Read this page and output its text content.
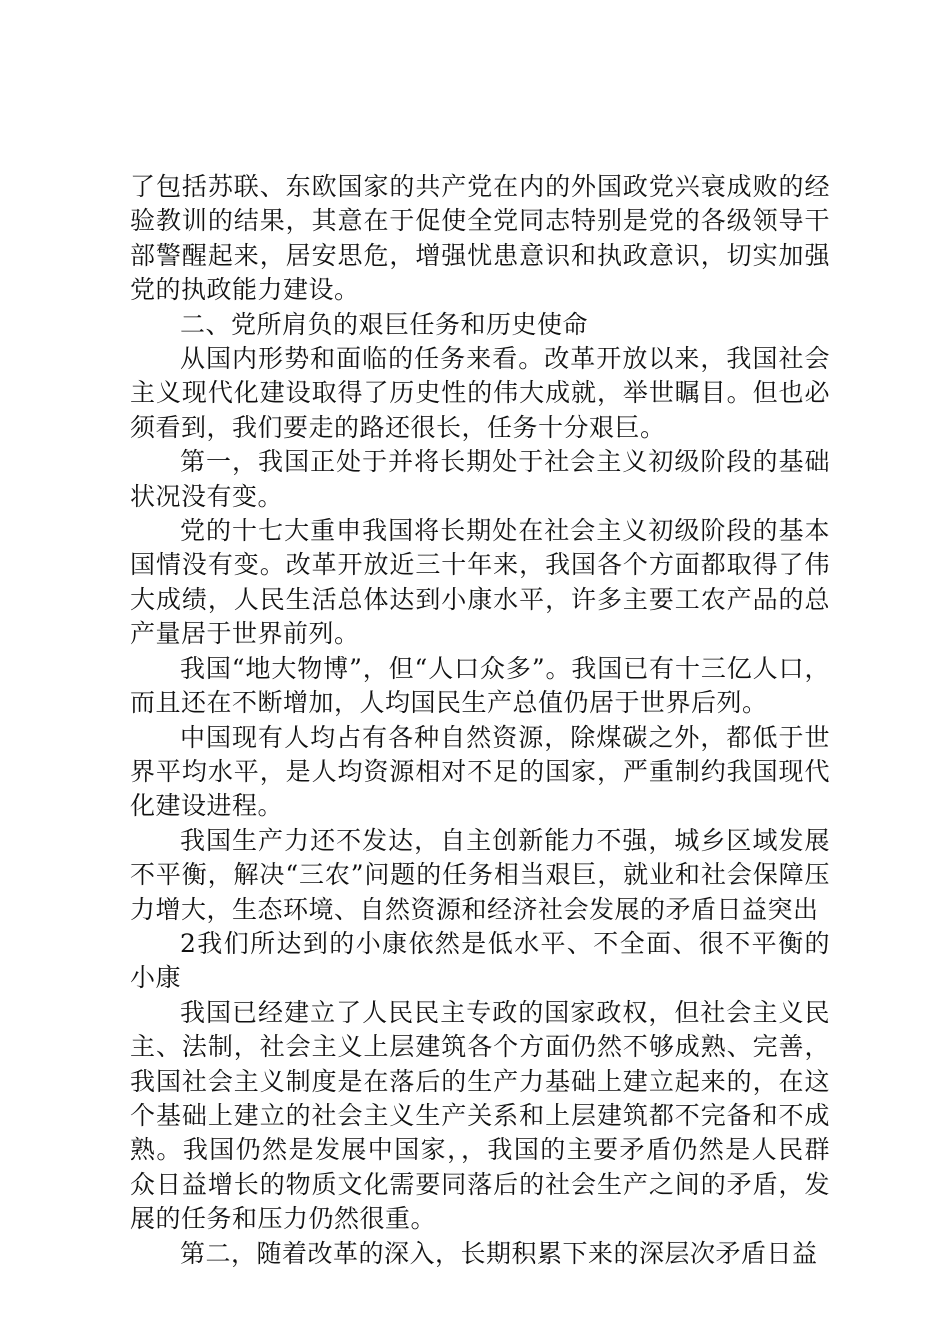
了包括苏联、东欧国家的共产党在内的外国政党兴衰成败的经验教训的结果，其意在于促使全党同志特别是党的各级领导干部警醒起来，居安思危，增强忧患意识和执政意识，切实加强党的执政能力建设。

二、党所肩负的艰巨任务和历史使命

从国内形势和面临的任务来看。改革开放以来，我国社会主义现代化建设取得了历史性的伟大成就，举世瞩目。但也必须看到，我们要走的路还很长，任务十分艰巨。

第一，我国正处于并将长期处于社会主义初级阶段的基础状况没有变。

党的十七大重申我国将长期处在社会主义初级阶段的基本国情没有变。改革开放近三十年来，我国各个方面都取得了伟大成绩，人民生活总体达到小康水平，许多主要工农产品的总产量居于世界前列。

我国“地大物博”，但“人口众多”。我国已有十三亿人口，而且还在不断增加，人均国民生产总值仍居于世界后列。

中国现有人均占有各种自然资源，除煤碳之外，都低于世界平均水平，是人均资源相对不足的国家，严重制约我国现代化建设进程。

我国生产力还不发达，自主创新能力不强，城乡区域发展不平衡，解决“三农”问题的任务相当艰巨，就业和社会保障压力增大，生态环境、自然资源和经济社会发展的矛盾日益突出

2我们所达到的小康依然是低水平、不全面、很不平衡的小康

我国已经建立了人民民主专政的国家政权，但社会主义民主、法制，社会主义上层建筑各个方面仍然不够成熟、完善，我国社会主义制度是在落后的生产力基础上建立起来的，在这个基础上建立的社会主义生产关系和上层建筑都不完备和不成熟。我国仍然是发展中国家，，我国的主要矛盾仍然是人民群众日益增长的物质文化需要同落后的社会生产之间的矛盾，发展的任务和压力仍然很重。

第二，随着改革的深入，长期积累下来的深层次矛盾日益
